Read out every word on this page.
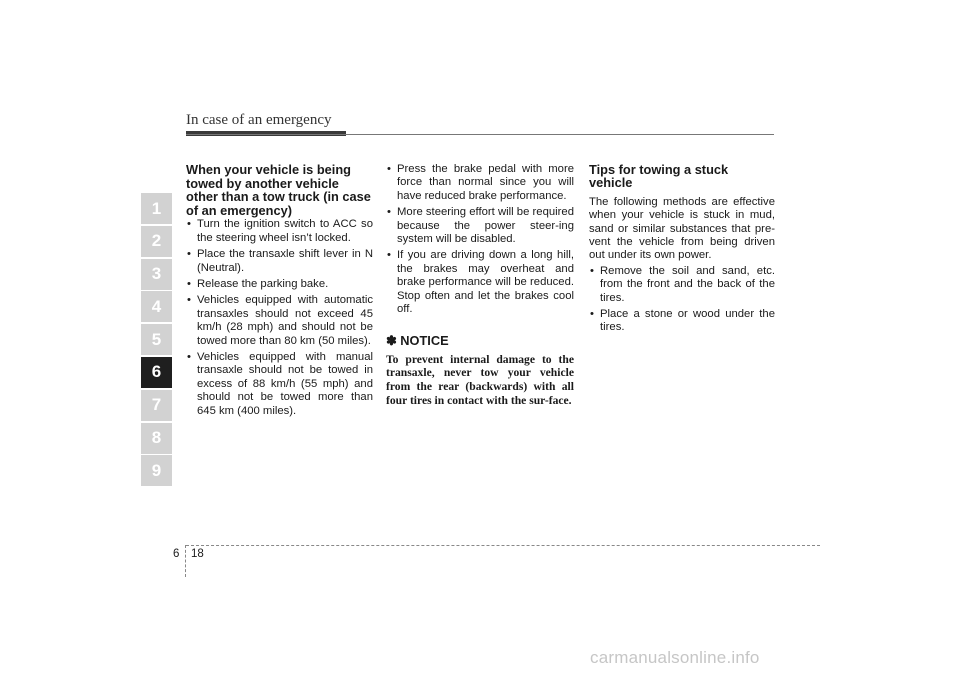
In case of an emergency
1
2
3
4
5
6
7
8
9
When your vehicle is being towed by another vehicle other than a tow truck (in case of an emergency)
• Turn the ignition switch to ACC so the steering wheel isn’t locked.
• Place the transaxle shift lever in N (Neutral).
• Release the parking bake.
• Vehicles equipped with automatic transaxles should not exceed 45 km/h (28 mph) and should not be towed more than 80 km (50 miles).
• Vehicles equipped with manual transaxle should not be towed in excess of 88 km/h (55 mph) and should not be towed more than 645 km (400 miles).
• Press the brake pedal with more force than normal since you will have reduced brake performance.
• More steering effort will be required because the power steer-ing system will be disabled.
• If you are driving down a long hill, the brakes may overheat and brake performance will be reduced. Stop often and let the brakes cool off.
✽ NOTICE
To prevent internal damage to the transaxle, never tow your vehicle from the rear (backwards) with all four tires in contact with the sur-face.
Tips for towing a stuck vehicle
The following methods are effective when your vehicle is stuck in mud, sand or similar substances that pre-vent the vehicle from being driven out under its own power.
• Remove the soil and sand, etc. from the front and the back of the tires.
• Place a stone or wood under the tires.
6 18
carmanualsonline.info
